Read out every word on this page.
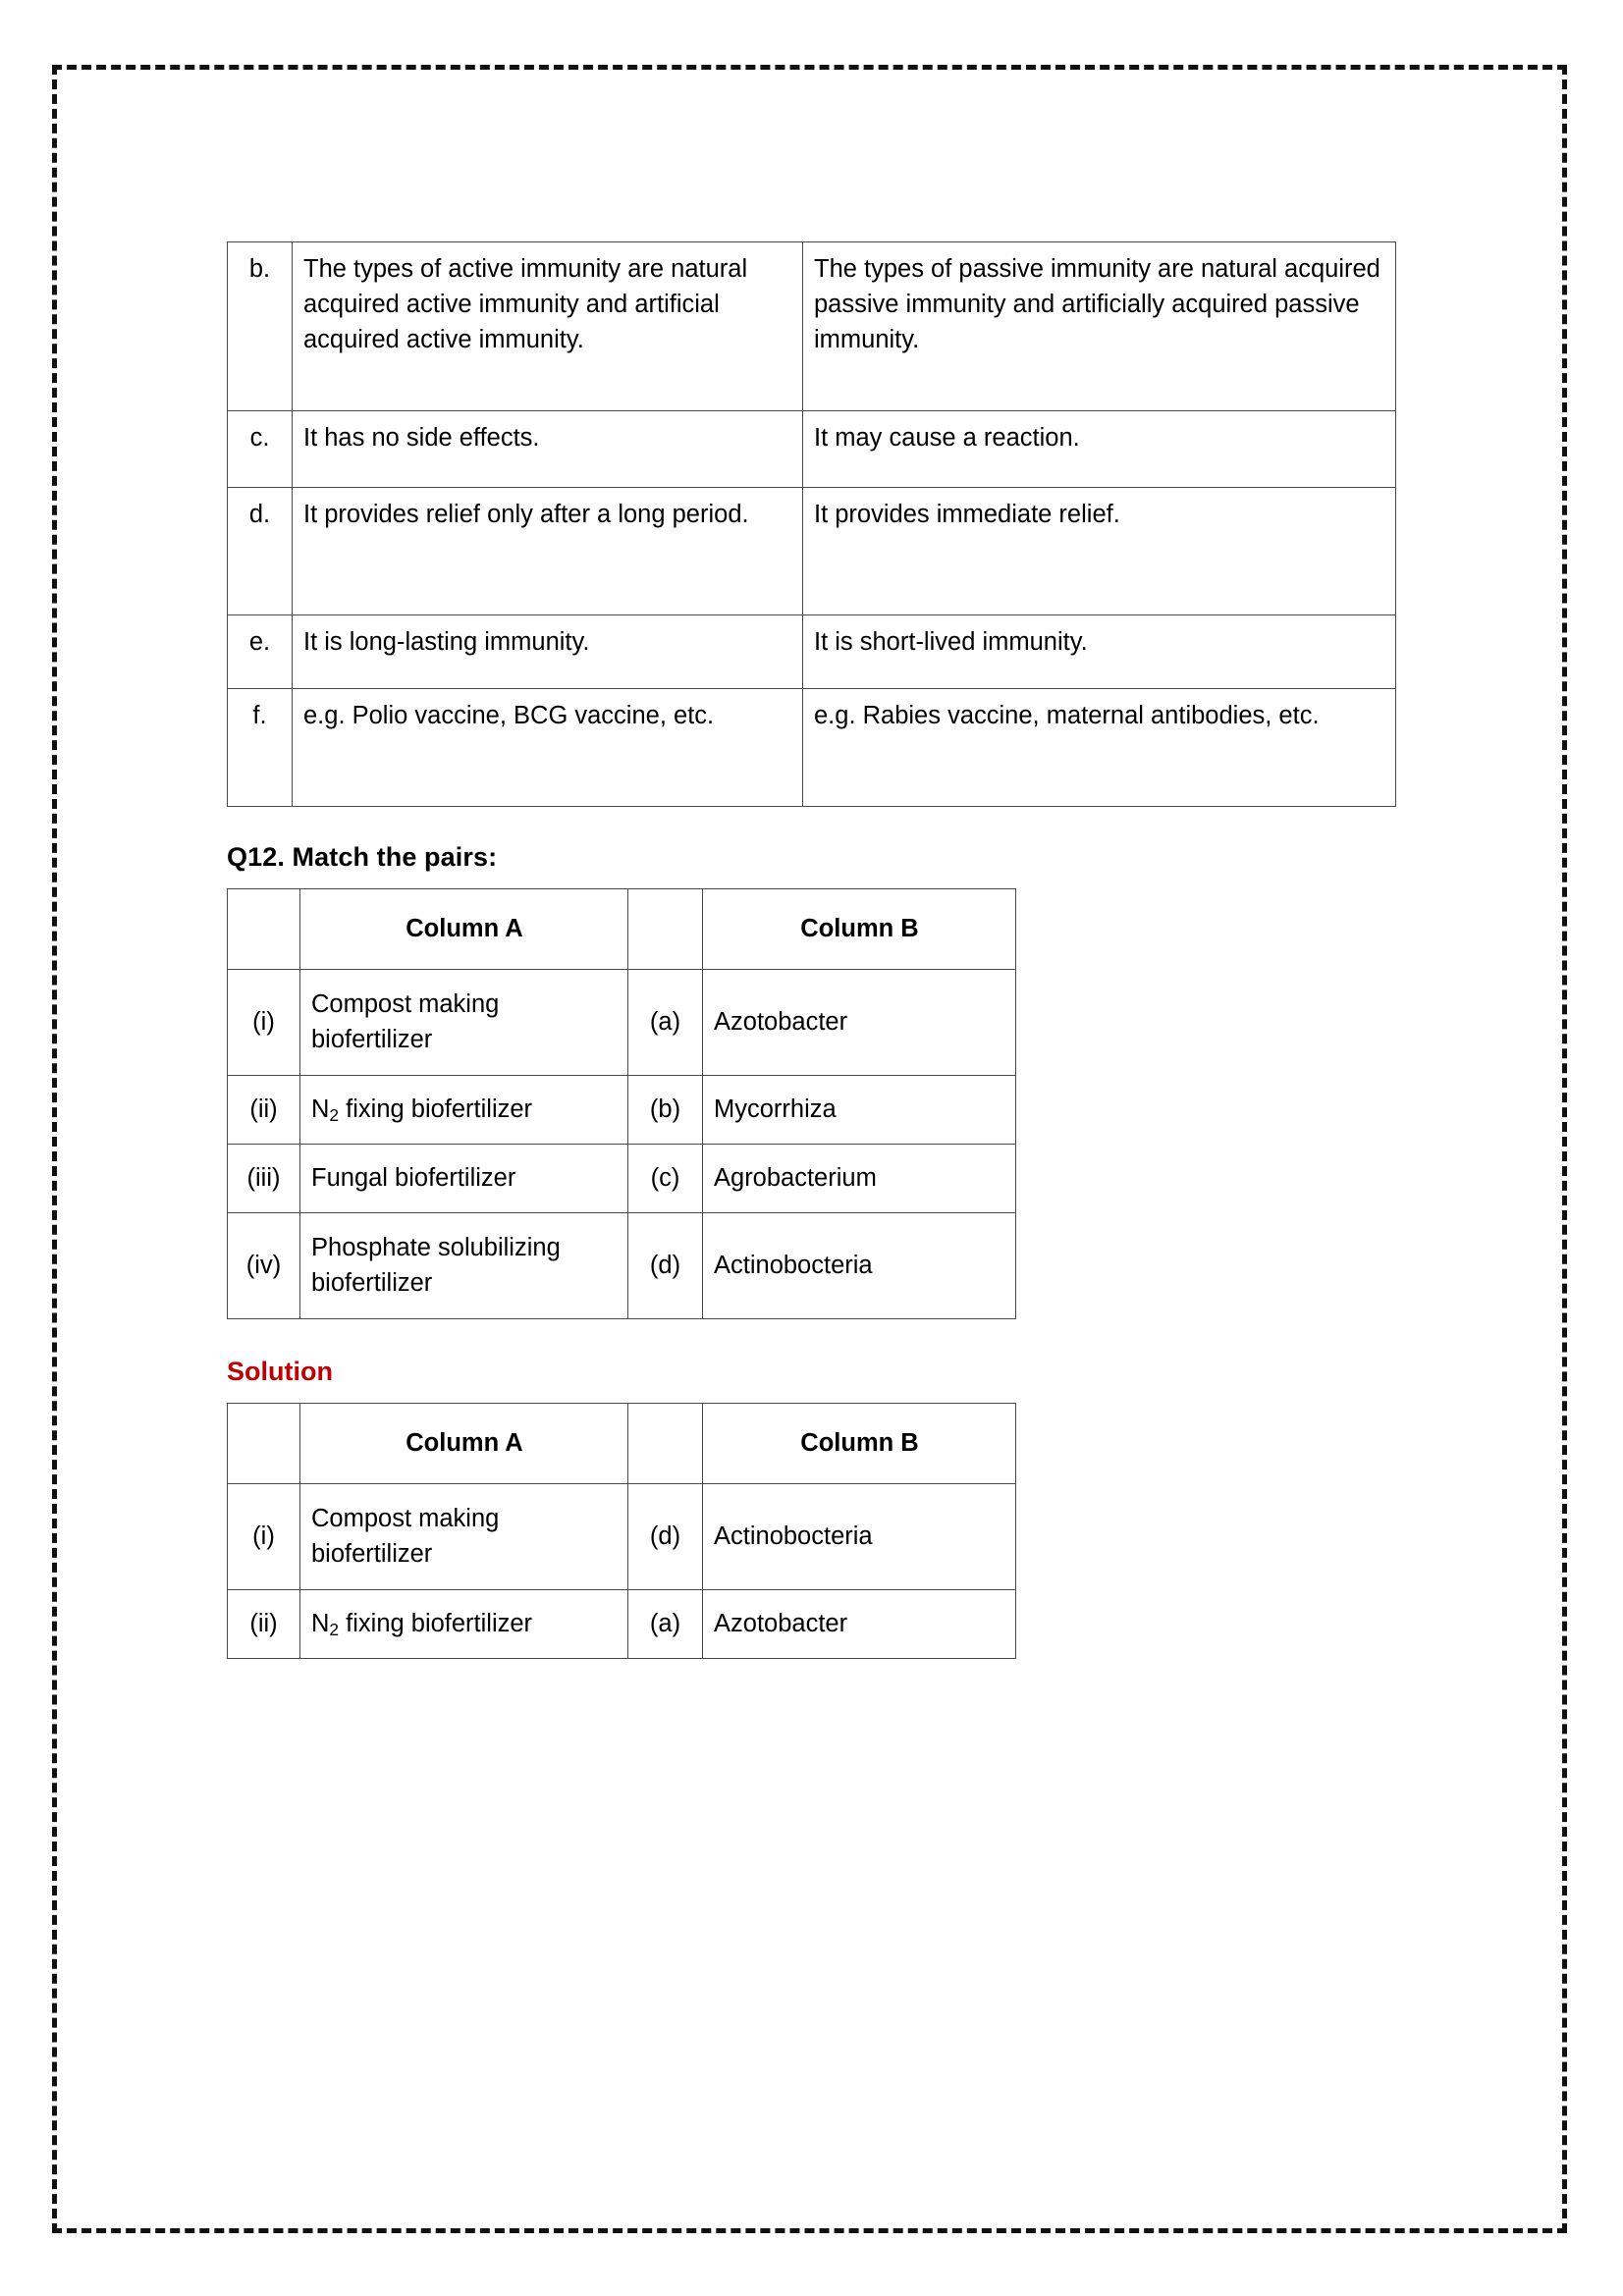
b.	The types of active immunity are natural acquired active immunity and artificial acquired active immunity.	The types of passive immunity are natural acquired passive immunity and artificially acquired passive immunity.
c.	It has no side effects.	It may cause a reaction.
d.	It provides relief only after a long period.	It provides immediate relief.
e.	It is long-lasting immunity.	It is short-lived immunity.
f.	e.g. Polio vaccine, BCG vaccine, etc.	e.g. Rabies vaccine, maternal antibodies, etc.
Q12. Match the pairs:
	Column A		Column B
(i)	Compost making biofertilizer	(a)	Azotobacter
(ii)	$N_2$ fixing biofertilizer	(b)	Mycorrhiza
(iii)	Fungal biofertilizer	(c)	Agrobacterium
(iv)	Phosphate solubilizing biofertilizer	(d)	Actinobocteria
Solution
	Column A		Column B
(i)	Compost making biofertilizer	(d)	Actinobocteria
(ii)	$N_2$ fixing biofertilizer	(a)	Azotobacter
